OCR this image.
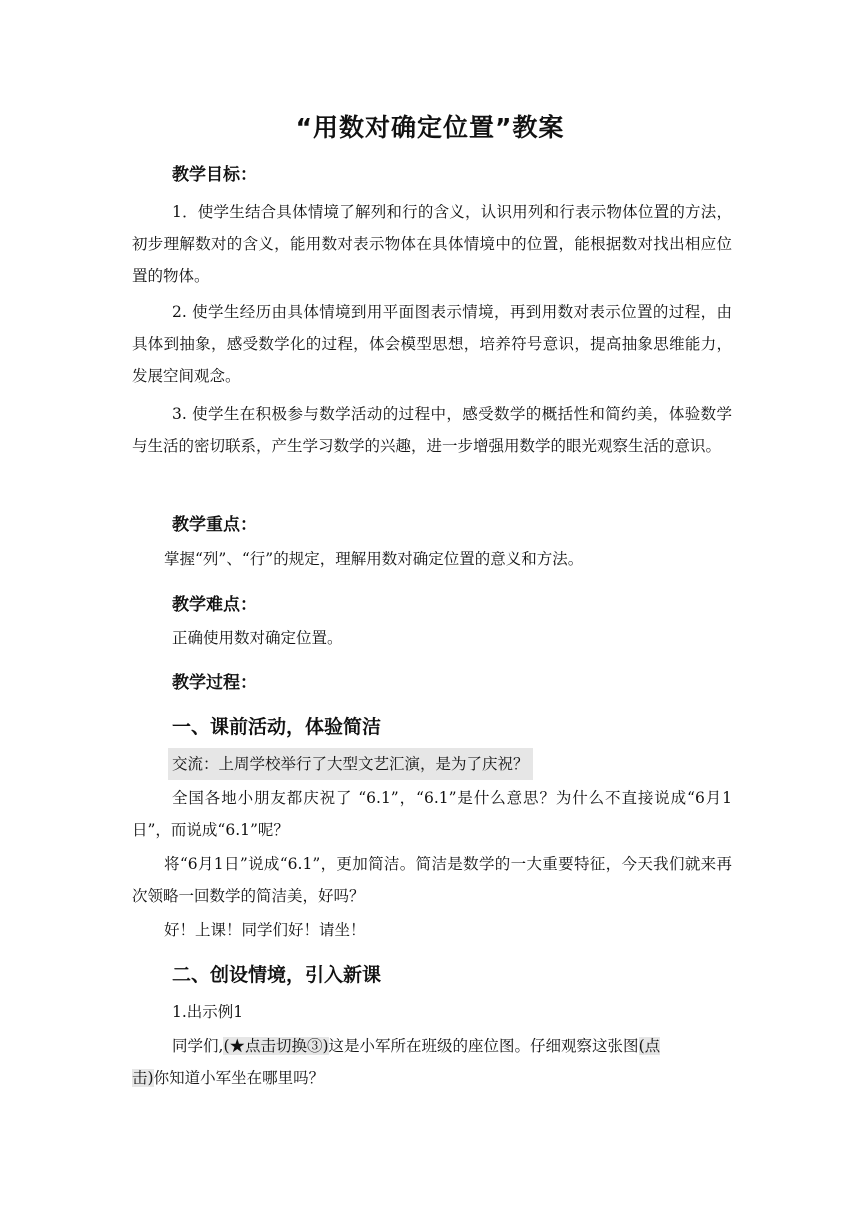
“用数对确定位置”教案
教学目标：
1．使学生结合具体情境了解列和行的含义，认识用列和行表示物体位置的方法，初步理解数对的含义，能用数对表示物体在具体情境中的位置，能根据数对找出相应位置的物体。
2. 使学生经历由具体情境到用平面图表示情境，再到用数对表示位置的过程，由具体到抽象，感受数学化的过程，体会模型思想，培养符号意识，提高抽象思维能力，发展空间观念。
3. 使学生在积极参与数学活动的过程中，感受数学的概括性和简约美，体验数学与生活的密切联系，产生学习数学的兴趣，进一步增强用数学的眼光观察生活的意识。
教学重点：
掌握“列”、“行”的规定，理解用数对确定位置的意义和方法。
教学难点：
正确使用数对确定位置。
教学过程：
一、课前活动，体验简洁
交流：上周学校举行了大型文艺汇演，是为了庆祝？
全国各地小朋友都庆祝了 “6.1”，“6.1”是什么意思？为什么不直接说成“6月1日”，而说成“6.1”呢？
将“6月1日”说成“6.1”，更加简洁。简洁是数学的一大重要特征，今天我们就来再次领略一回数学的简洁美，好吗？
好！上课！同学们好！请坐！
二、创设情境，引入新课
1.出示例1
同学们,(★点击切换③)这是小军所在班级的座位图。仔细观察这张图(点
击)你知道小军坐在哪里吗？
